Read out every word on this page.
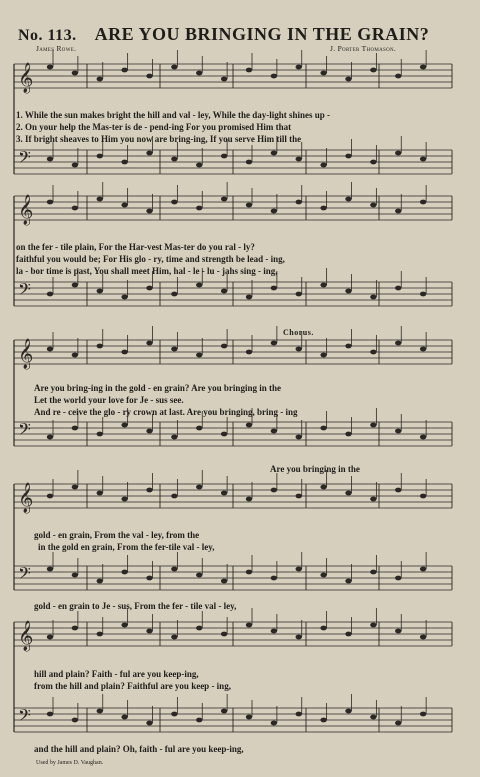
No. 113. ARE YOU BRINGING IN THE GRAIN?
James Rowe.	J. Porter Thomason.
𝄞
𝄢
𝄞
𝄢
𝄞
𝄢
𝄞
𝄢
𝄞
𝄢
1. While the sun makes bright the hill and val - ley, While the day-light shines up -
2. On your help the Mas-ter is de - pend-ing For you promised Him that
3. If bright sheaves to Him you now are bring-ing, If you serve Him till the
on the fer - tile plain, For the Har-vest Mas-ter do you ral - ly?
faithful you would be; For His glo - ry, time and strength be lead - ing,
la - bor time is past, You shall meet Him, hal - le - lu - jahs sing - ing,
Chorus.
Are you bring-ing in the gold - en grain? Are you bringing in the
Let the world your love for Je - sus see.
And re - ceive the glo - ry crown at last. Are you bringing, bring - ing
Are you bringing in the
gold - en grain, From the val - ley, from the
in the gold en grain, From the fer-tile val - ley,
gold - en grain to Je - sus, From the fer - tile val - ley,
hill and plain? Faith - ful are you keep-ing,
from the hill and plain? Faithful are you keep - ing,
and the hill and plain? Oh, faith - ful are you keep-ing,
Used by James D. Vaughan.
